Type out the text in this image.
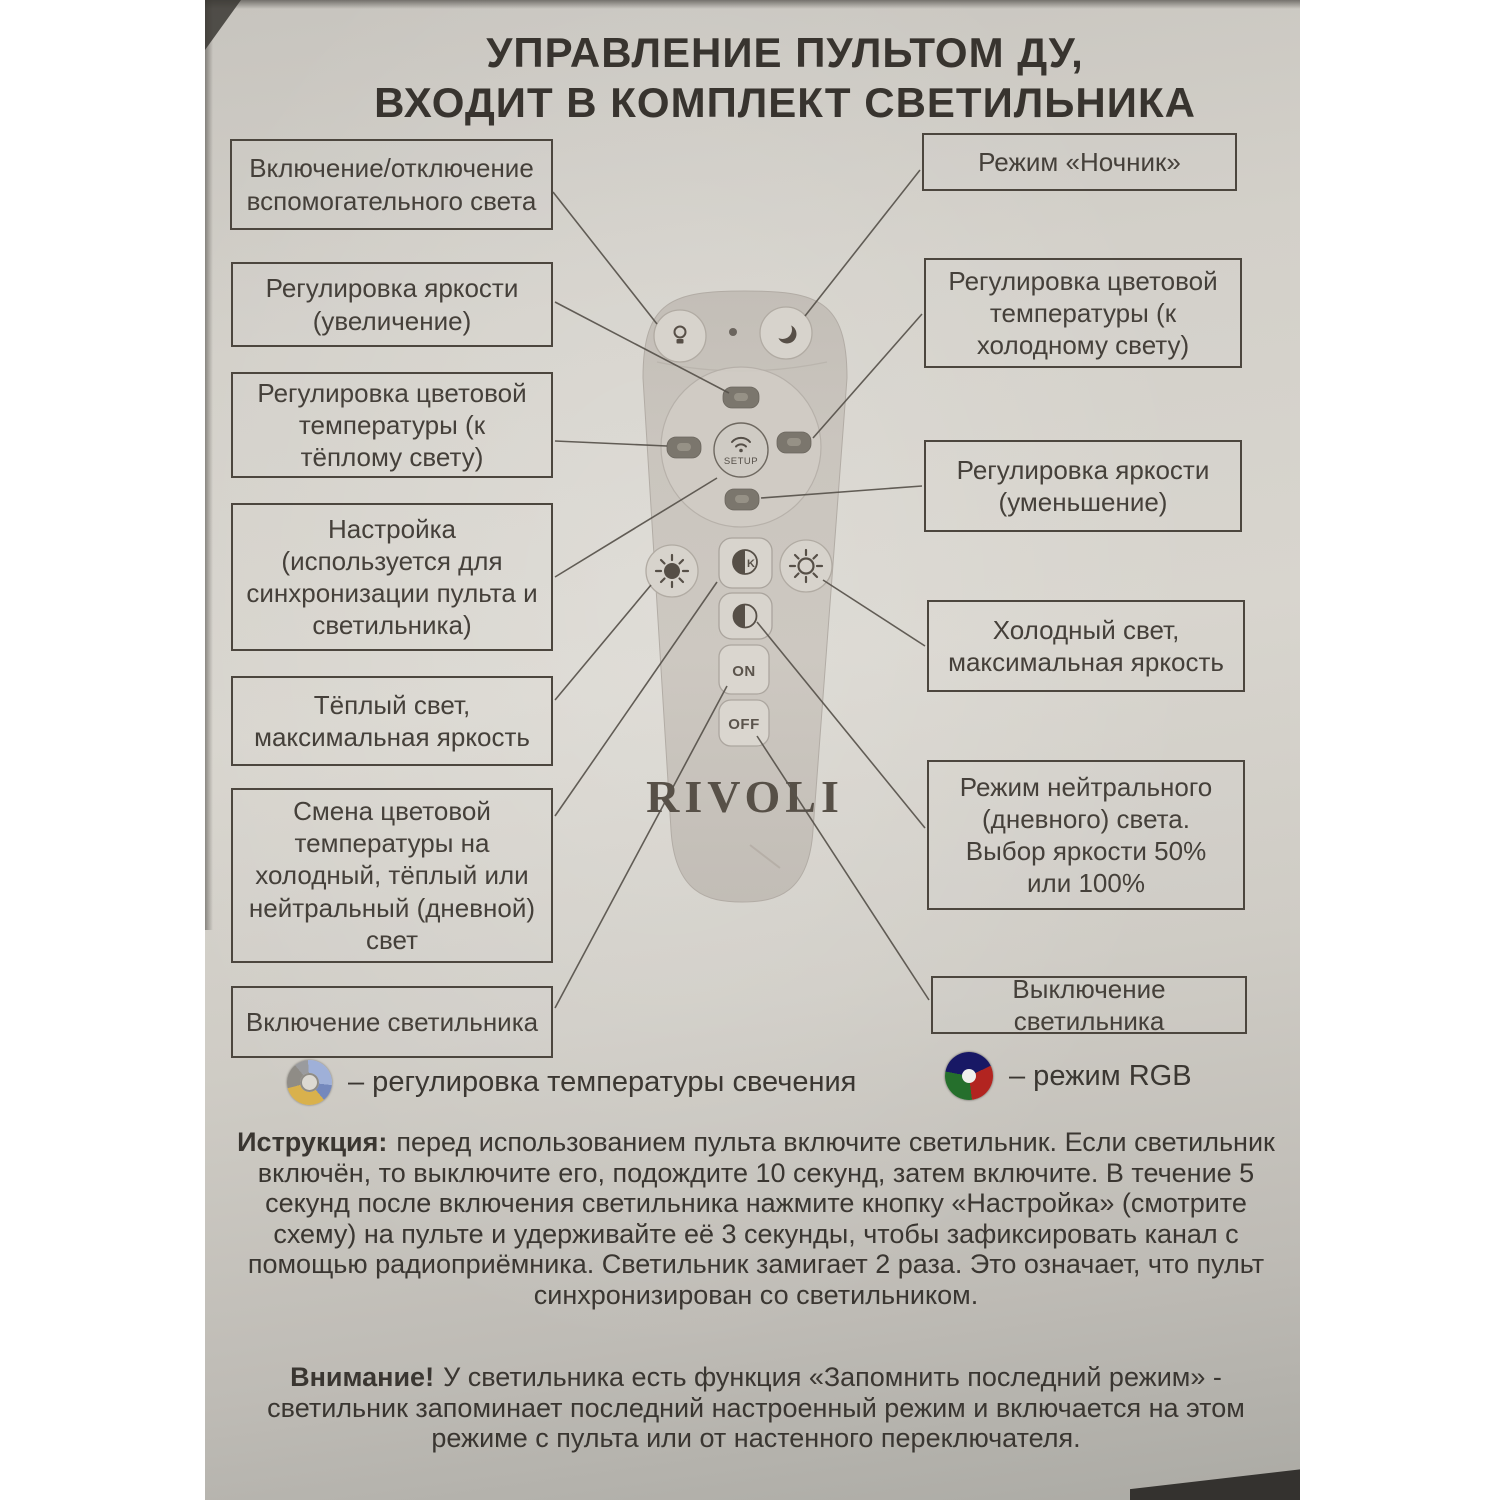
УПРАВЛЕНИЕ ПУЛЬТОМ ДУ,
ВХОДИТ В КОМПЛЕКТ СВЕТИЛЬНИКА
Включение/отключение вспомогательного света
Регулировка яркости (увеличение)
Регулировка цветовой температуры (к тёплому свету)
Настройка (используется для синхронизации пульта и светильника)
Тёплый свет, максимальная яркость
Смена цветовой температуры на холодный, тёплый или нейтральный (дневной) свет
Включение светильника
Режим «Ночник»
Регулировка цветовой температуры (к холодному свету)
Регулировка яркости (уменьшение)
Холодный свет, максимальная яркость
Режим нейтрального (дневного) света. Выбор яркости 50% или 100%
Выключение светильника
SETUP
K
ON
OFF
RIVOLI
– регулировка температуры свечения	– режим RGB
Иструкция: перед использованием пульта включите светильник. Если светильник включён, то выключите его, подождите 10 секунд, затем включите. В течение 5 секунд после включения светильника нажмите кнопку «Настройка» (смотрите схему) на пульте и удерживайте её 3 секунды, чтобы зафиксировать канал с помощью радиоприёмника. Светильник замигает 2 раза. Это означает, что пульт синхронизирован со светильником.
Внимание! У светильника есть функция «Запомнить последний режим» - светильник запоминает последний настроенный режим и включается на этом режиме с пульта или от настенного переключателя.
